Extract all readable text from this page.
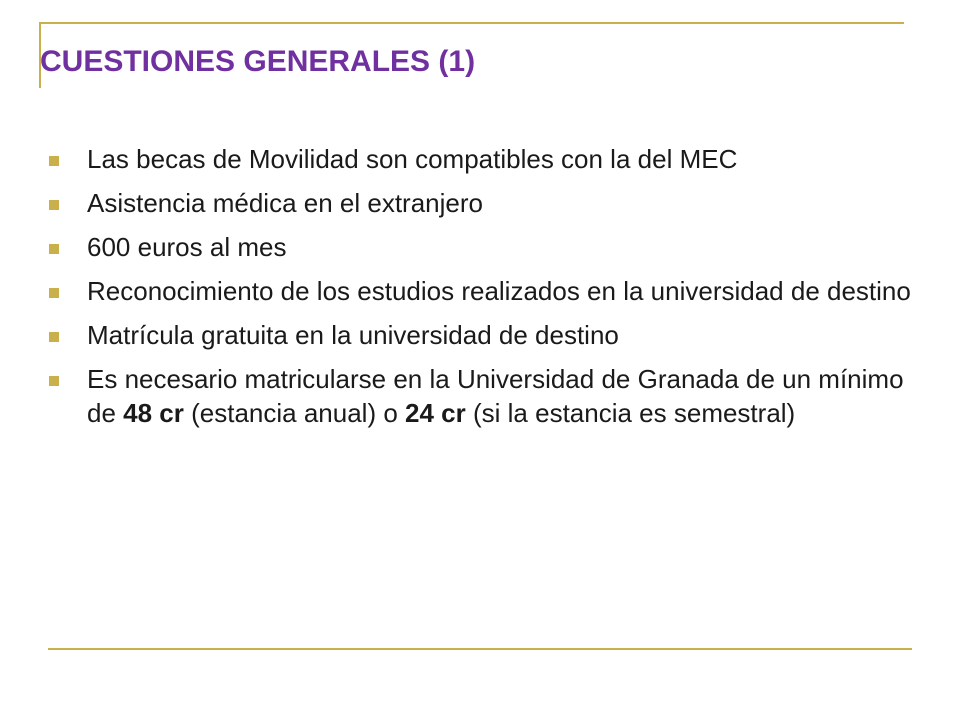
CUESTIONES GENERALES (1)
Las becas de Movilidad son compatibles con la del MEC
Asistencia médica en el extranjero
600 euros al mes
Reconocimiento de los estudios realizados en la universidad de destino
Matrícula gratuita en la universidad de destino
Es necesario matricularse en la Universidad de Granada de un mínimo de 48 cr (estancia anual) o 24 cr (si la estancia es semestral)
